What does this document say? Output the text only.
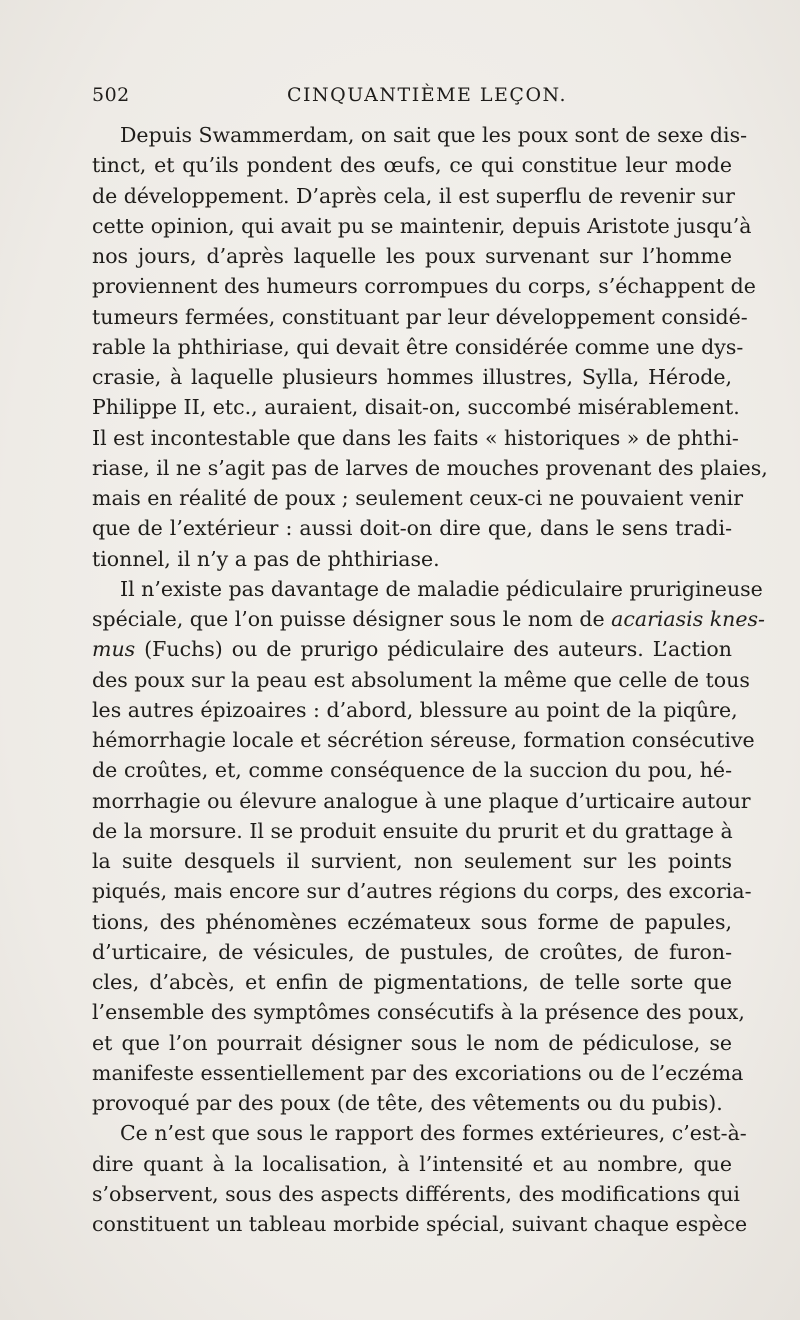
502	CINQUANTIÈME LEÇON.
Depuis Swammerdam, on sait que les poux sont de sexe dis-
tinct, et qu’ils pondent des œufs, ce qui constitue leur mode
de développement. D’après cela, il est superflu de revenir sur
cette opinion, qui avait pu se maintenir, depuis Aristote jusqu’à
nos jours, d’après laquelle les poux survenant sur l’homme
proviennent des humeurs corrompues du corps, s’échappent de
tumeurs fermées, constituant par leur développement considé-
rable la phthiriase, qui devait être considérée comme une dys-
crasie, à laquelle plusieurs hommes illustres, Sylla, Hérode,
Philippe II, etc., auraient, disait-on, succombé misérablement.
Il est incontestable que dans les faits « historiques » de phthi-
riase, il ne s’agit pas de larves de mouches provenant des plaies,
mais en réalité de poux ; seulement ceux-ci ne pouvaient venir
que de l’extérieur : aussi doit-on dire que, dans le sens tradi-
tionnel, il n’y a pas de phthiriase.
Il n’existe pas davantage de maladie pédiculaire prurigineuse
spéciale, que l’on puisse désigner sous le nom de acariasis knes-
mus (Fuchs) ou de prurigo pédiculaire des auteurs. L’action
des poux sur la peau est absolument la même que celle de tous
les autres épizoaires : d’abord, blessure au point de la piqûre,
hémorrhagie locale et sécrétion séreuse, formation consécutive
de croûtes, et, comme conséquence de la succion du pou, hé-
morrhagie ou élevure analogue à une plaque d’urticaire autour
de la morsure. Il se produit ensuite du prurit et du grattage à
la suite desquels il survient, non seulement sur les points
piqués, mais encore sur d’autres régions du corps, des excoria-
tions, des phénomènes eczémateux sous forme de papules,
d’urticaire, de vésicules, de pustules, de croûtes, de furon-
cles, d’abcès, et enfin de pigmentations, de telle sorte que
l’ensemble des symptômes consécutifs à la présence des poux,
et que l’on pourrait désigner sous le nom de pédiculose, se
manifeste essentiellement par des excoriations ou de l’eczéma
provoqué par des poux (de tête, des vêtements ou du pubis).
Ce n’est que sous le rapport des formes extérieures, c’est-à-
dire quant à la localisation, à l’intensité et au nombre, que
s’observent, sous des aspects différents, des modifications qui
constituent un tableau morbide spécial, suivant chaque espèce
